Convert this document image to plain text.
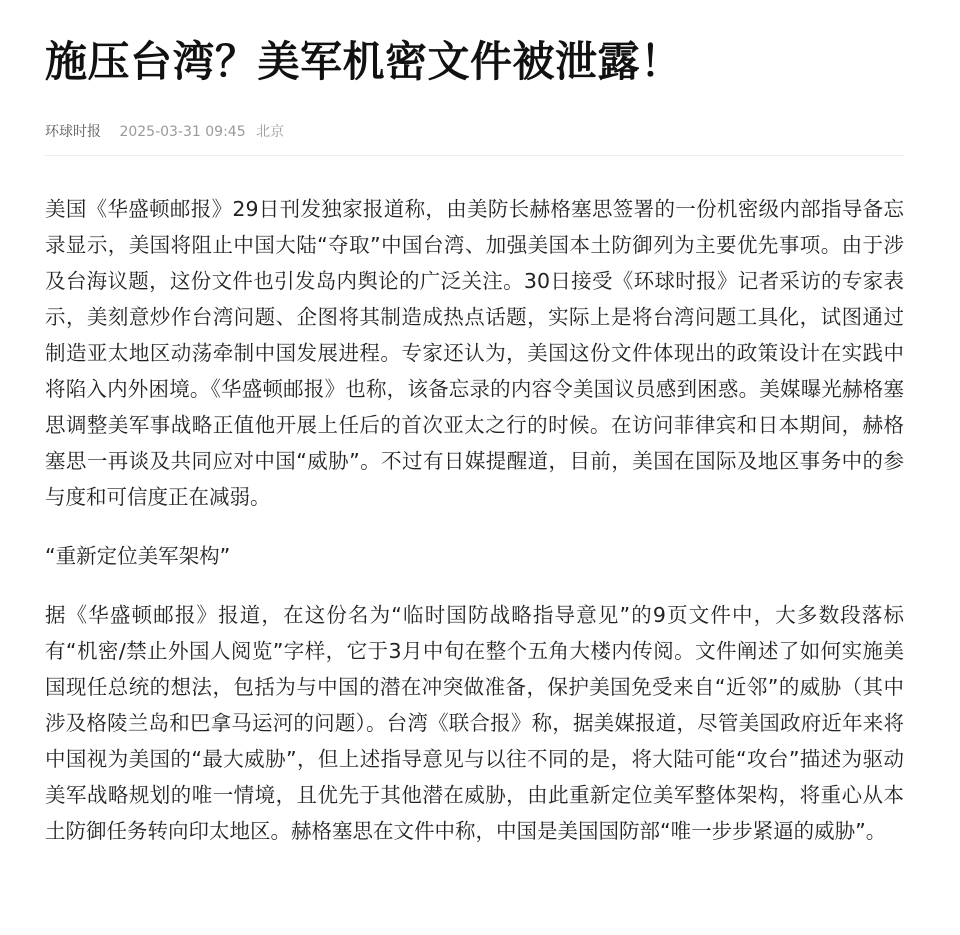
施压台湾？美军机密文件被泄露！
环球时报 2025-03-31 09:45 北京

美国《华盛顿邮报》29日刊发独家报道称，由美防长赫格塞思签署的一份机密级内部指导备忘录显示，美国将阻止中国大陆“夺取”中国台湾、加强美国本土防御列为主要优先事项。由于涉及台海议题，这份文件也引发岛内舆论的广泛关注。30日接受《环球时报》记者采访的专家表示，美刻意炒作台湾问题、企图将其制造成热点话题，实际上是将台湾问题工具化，试图通过制造亚太地区动荡牵制中国发展进程。专家还认为，美国这份文件体现出的政策设计在实践中将陷入内外困境。《华盛顿邮报》也称，该备忘录的内容令美国议员感到困惑。美媒曝光赫格塞思调整美军事战略正值他开展上任后的首次亚太之行的时候。在访问菲律宾和日本期间，赫格塞思一再谈及共同应对中国“威胁”。不过有日媒提醒道，目前，美国在国际及地区事务中的参与度和可信度正在减弱。

“重新定位美军架构”

据《华盛顿邮报》报道，在这份名为“临时国防战略指导意见”的9页文件中，大多数段落标有“机密/禁止外国人阅览”字样，它于3月中旬在整个五角大楼内传阅。文件阐述了如何实施美国现任总统的想法，包括为与中国的潜在冲突做准备，保护美国免受来自“近邻”的威胁（其中涉及格陵兰岛和巴拿马运河的问题）。台湾《联合报》称，据美媒报道，尽管美国政府近年来将中国视为美国的“最大威胁”，但上述指导意见与以往不同的是，将大陆可能“攻台”描述为驱动美军战略规划的唯一情境，且优先于其他潜在威胁，由此重新定位美军整体架构，将重心从本土防御任务转向印太地区。赫格塞思在文件中称，中国是美国国防部“唯一步步紧逼的威胁”。
